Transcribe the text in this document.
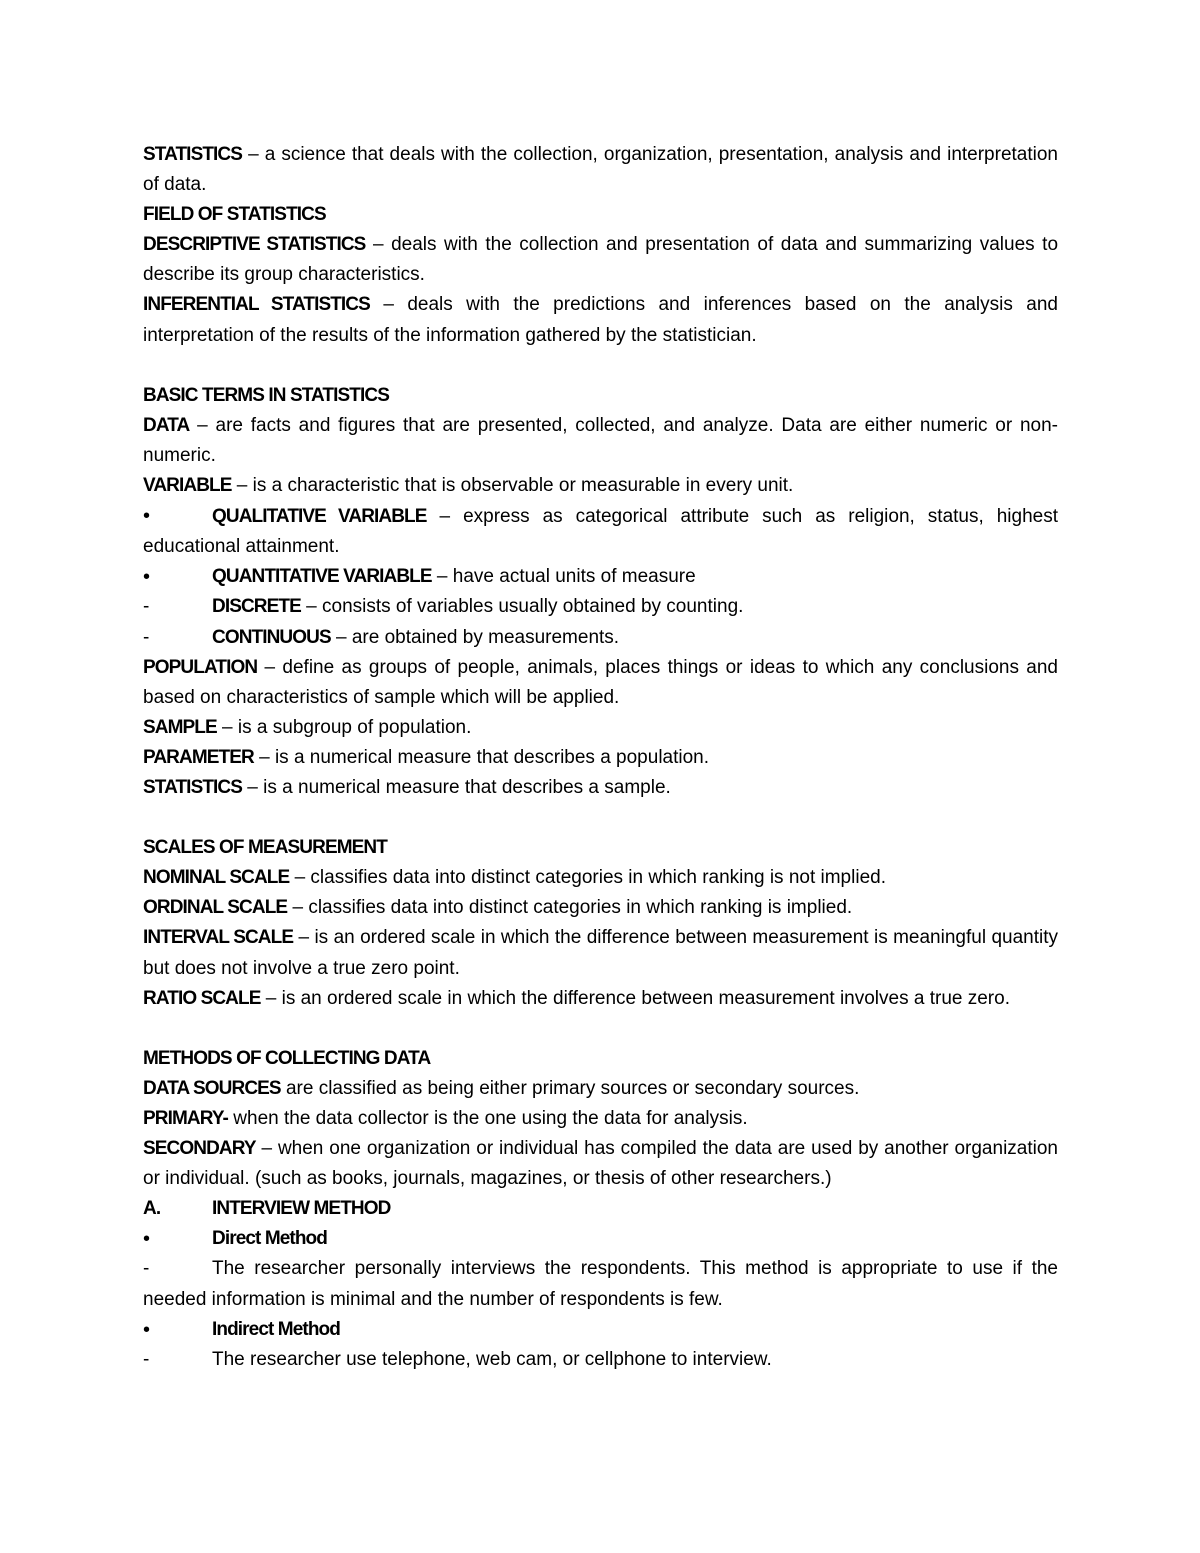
STATISTICS – a science that deals with the collection, organization, presentation, analysis and interpretation of data.

FIELD OF STATISTICS

DESCRIPTIVE STATISTICS – deals with the collection and presentation of data and summarizing values to describe its group characteristics.

INFERENTIAL STATISTICS – deals with the predictions and inferences based on the analysis and interpretation of the results of the information gathered by the statistician.

BASIC TERMS IN STATISTICS

DATA – are facts and figures that are presented, collected, and analyze. Data are either numeric or non-numeric.

VARIABLE – is a characteristic that is observable or measurable in every unit.

•	QUALITATIVE VARIABLE – express as categorical attribute such as religion, status, highest educational attainment.

•	QUANTITATIVE VARIABLE – have actual units of measure

-	DISCRETE – consists of variables usually obtained by counting.

-	CONTINUOUS – are obtained by measurements.

POPULATION – define as groups of people, animals, places things or ideas to which any conclusions and based on characteristics of sample which will be applied.

SAMPLE – is a subgroup of population.

PARAMETER – is a numerical measure that describes a population.

STATISTICS – is a numerical measure that describes a sample.

SCALES OF MEASUREMENT

NOMINAL SCALE – classifies data into distinct categories in which ranking is not implied.

ORDINAL SCALE – classifies data into distinct categories in which ranking is implied.

INTERVAL SCALE – is an ordered scale in which the difference between measurement is meaningful quantity but does not involve a true zero point.

RATIO SCALE – is an ordered scale in which the difference between measurement involves a true zero.

METHODS OF COLLECTING DATA

DATA SOURCES are classified as being either primary sources or secondary sources.

PRIMARY- when the data collector is the one using the data for analysis.

SECONDARY – when one organization or individual has compiled the data are used by another organization or individual. (such as books, journals, magazines, or thesis of other researchers.)

A.	INTERVIEW METHOD

•	Direct Method

-	The researcher personally interviews the respondents. This method is appropriate to use if the needed information is minimal and the number of respondents is few.

•	Indirect Method

-	The researcher use telephone, web cam, or cellphone to interview.
